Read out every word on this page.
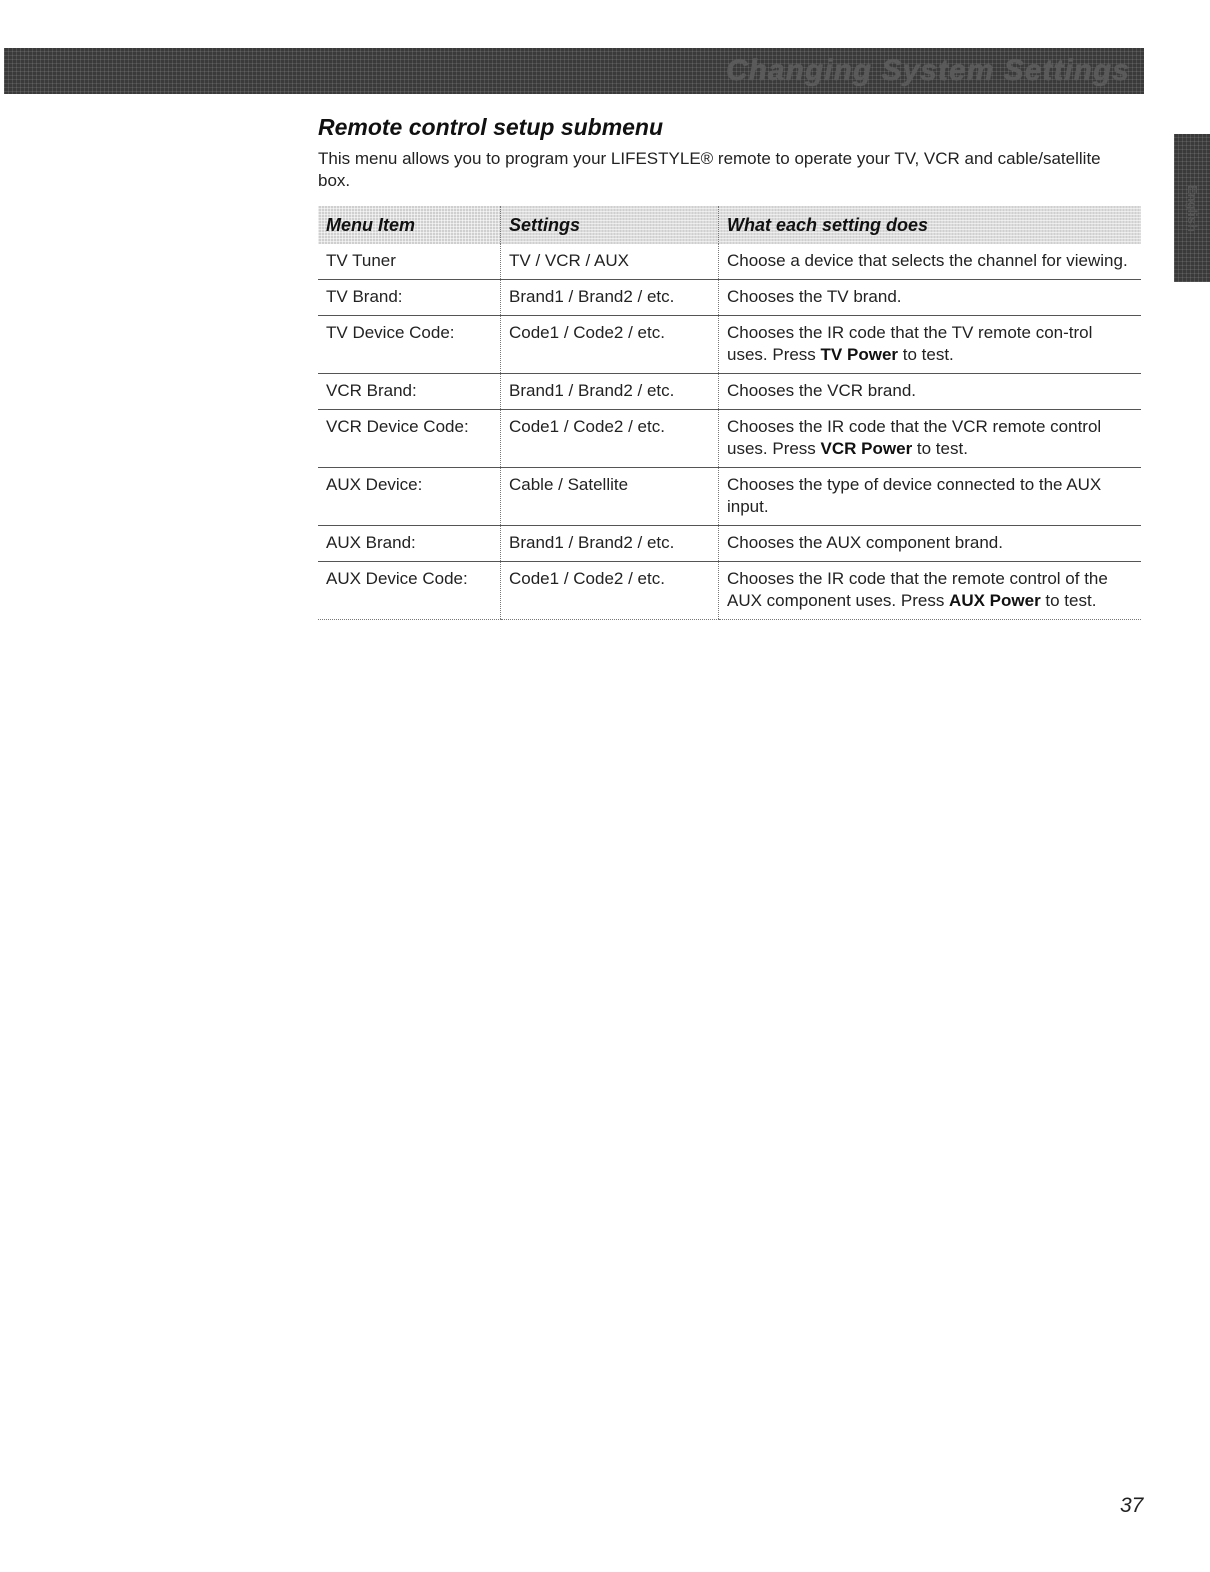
Changing System Settings
English
Remote control setup submenu

This menu allows you to program your LIFESTYLE® remote to operate your TV, VCR and cable/satellite box.

Menu Item	Settings	What each setting does
TV Tuner	TV / VCR / AUX	Choose a device that selects the channel for viewing.
TV Brand:	Brand1 / Brand2 / etc.	Chooses the TV brand.
TV Device Code:	Code1 / Code2 / etc.	Chooses the IR code that the TV remote con-trol uses. Press TV Power to test.
VCR Brand:	Brand1 / Brand2 / etc.	Chooses the VCR brand.
VCR Device Code:	Code1 / Code2 / etc.	Chooses the IR code that the VCR remote control uses. Press VCR Power to test.
AUX Device:	Cable / Satellite	Chooses the type of device connected to the AUX input.
AUX Brand:	Brand1 / Brand2 / etc.	Chooses the AUX component brand.
AUX Device Code:	Code1 / Code2 / etc.	Chooses the IR code that the remote control of the AUX component uses. Press AUX Power to test.
37
